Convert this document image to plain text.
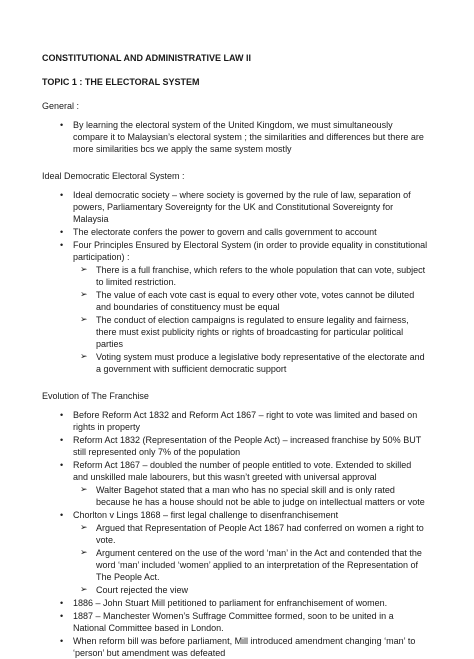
CONSTITUTIONAL AND ADMINISTRATIVE LAW II

TOPIC 1 : THE ELECTORAL SYSTEM

General :

• By learning the electoral system of the United Kingdom, we must simultaneously compare it to Malaysian’s electoral system ; the similarities and differences but there are more similarities bcs we apply the same system mostly

Ideal Democratic Electoral System :

• Ideal democratic society – where society is governed by the rule of law, separation of powers, Parliamentary Sovereignty for the UK and Constitutional Sovereignty for Malaysia
• The electorate confers the power to govern and calls government to account
• Four Principles Ensured by Electoral System (in order to provide equality in constitutional participation) :
➢ There is a full franchise, which refers to the whole population that can vote, subject to limited restriction.
➢ The value of each vote cast is equal to every other vote, votes cannot be diluted and boundaries of constituency must be equal
➢ The conduct of election campaigns is regulated to ensure legality and fairness, there must exist publicity rights or rights of broadcasting for particular political parties
➢ Voting system must produce a legislative body representative of the electorate and a government with sufficient democratic support

Evolution of The Franchise

• Before Reform Act 1832 and Reform Act 1867 – right to vote was limited and based on rights in property
• Reform Act 1832 (Representation of the People Act) – increased franchise by 50% BUT still represented only 7% of the population
• Reform Act 1867 – doubled the number of people entitled to vote. Extended to skilled and unskilled male labourers, but this wasn’t greeted with universal approval
➢ Walter Bagehot stated that a man who has no special skill and is only rated because he has a house should not be able to judge on intellectual matters or vote
• Chorlton v Lings 1868 – first legal challenge to disenfranchisement
➢ Argued that Representation of People Act 1867 had conferred on women a right to vote.
➢ Argument centered on the use of the word ‘man’ in the Act and contended that the word ‘man’ included ‘women’ applied to an interpretation of the Representation of The People Act.
➢ Court rejected the view
• 1886 – John Stuart Mill petitioned to parliament for enfranchisement of women.
• 1887 – Manchester Women’s Suffrage Committee formed, soon to be united in a National Committee based in London.
• When reform bill was before parliament, Mill introduced amendment changing ‘man’ to ‘person’ but amendment was defeated
